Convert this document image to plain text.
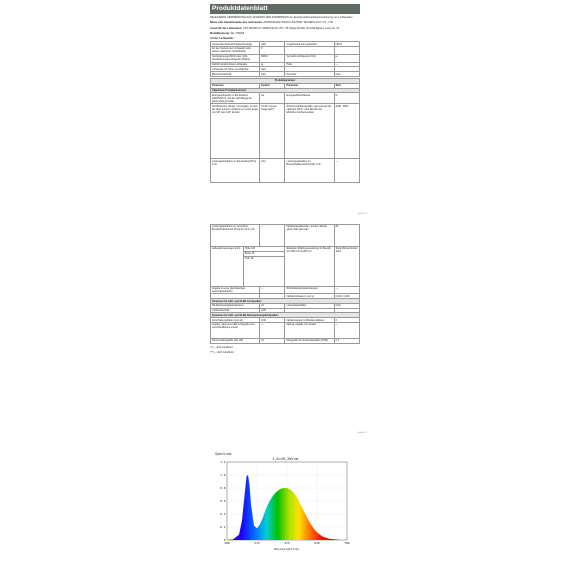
Produktdatenblatt
DELEGIERTE VERORDNUNG (EU) 2019/2015 DER KOMMISSION zur Energieverbrauchskennzeichnung von Lichtquellen
Name oder Handelsmarke des Lieferanten: ZHONGSHAN DOHKA LIGHTING TECHNOLOGY CO., LTD
Anschrift des Lieferanten: UST PRODUCT SERVICE UK LTD., 56 Shaps Rd NE, WI 4JW Egham Lane No. 76
Modellkennung: SE / 5266/5
Art der Lichtquelle:
Verwendete Beleuchtungstechnologie:	LED	Ungebündelt oder gebündelt:	NDLS
Art des Sockels der Lichtquelle (oder andere elektrische Schnittstelle)	Z		
Netzspannungs-(MLS) oder nicht-Netzspannungs-Lichtquelle (NMLS):	NMLS	Vernetzte Lichtquelle (CLS):	ja
Farblich abstimmbare Lichtquelle:	ja	Hülle:	—
Lichtquelle mit hoher Leuchtdichte:	Nein		
Blendschutzschild:	Nein	Dimmbar:	Nein
Produktparameter			
Parameter	Symbol	Parameter	Wert
Allgemeine Produktparameter:			
Energieverbrauch im Ein-Zustand (kWh/1000 h), auf die nächstliegende ganze Zahl gerundet	3a	Energieeffizienzklasse	D
Nutzlichtstrom (Φuse), mit Angabe, ob sich der Wert auf den Lichtstrom in einem Kegel von 90° oder 120° bezieht	5 145 in einem Kegel (120°)	Ähnliche Farbtemperatur, gerundet auf die nächsten 100 K, oder Bereich der ähnlichen Farbtemperatur	2200...6500
Leistungsaufnahme im Ein-Zustand (Pon) in W	24,2	Leistungsaufnahme im Bereitschaftszustand (Psb) in W	—
Seite 1 / 3
Leistungsaufnahme im vernetzten Bereitschaftsbetrieb (Pnet) für CLS in W		—	Farbwiedergabeindex, auf die nächste ganze Zahl gerundet	84
Außenabmessungen (mm)	Höhe 160		Spektrale Strahlungsverteilung im Bereich von 250 nm bis 800 nm	Siehe Bild auf letzter Seite
	Breite 35			
	Tiefe 28			
Angabe zu einer gleichwertigen Leistungsaufnahme		—	R9-Farbwiedergabeindexwert	—
			Farbkoordinaten (x und y)	0,440 / 0,403
Parameter für LED- und OLED-Lichtquellen:				
R9-Farbwiedergabeindexwert		24	Lebensdauerfaktor	0,90
Lichtstromerhalt		0,96		
Parameter für LED- und OLED-Netzspannungslichtquellen:				
Verschiebungsfaktor (cos φ1)		0,90	Farbkonsistenz in McAdam-Ellipsen	6
Angabe, dass eine LED-Lichtquelle eine Leuchtstofflampe ersetzt		—	Falls ja, Angabe zum Ersatz	—
Flimmer-Messgröße (Pst LM)		0,1	Messgröße für Stroboskopeffekt (SVM)	0,4
(*) — nicht zutreffend
(**) — nicht zutreffend
Seite 2 / 3
Spectrum
1,0=49,2W/nm
0
0.2
0.4
0.6
0.8
1.0
1.2
380	513	475	630	780
Wavelength(nm)
